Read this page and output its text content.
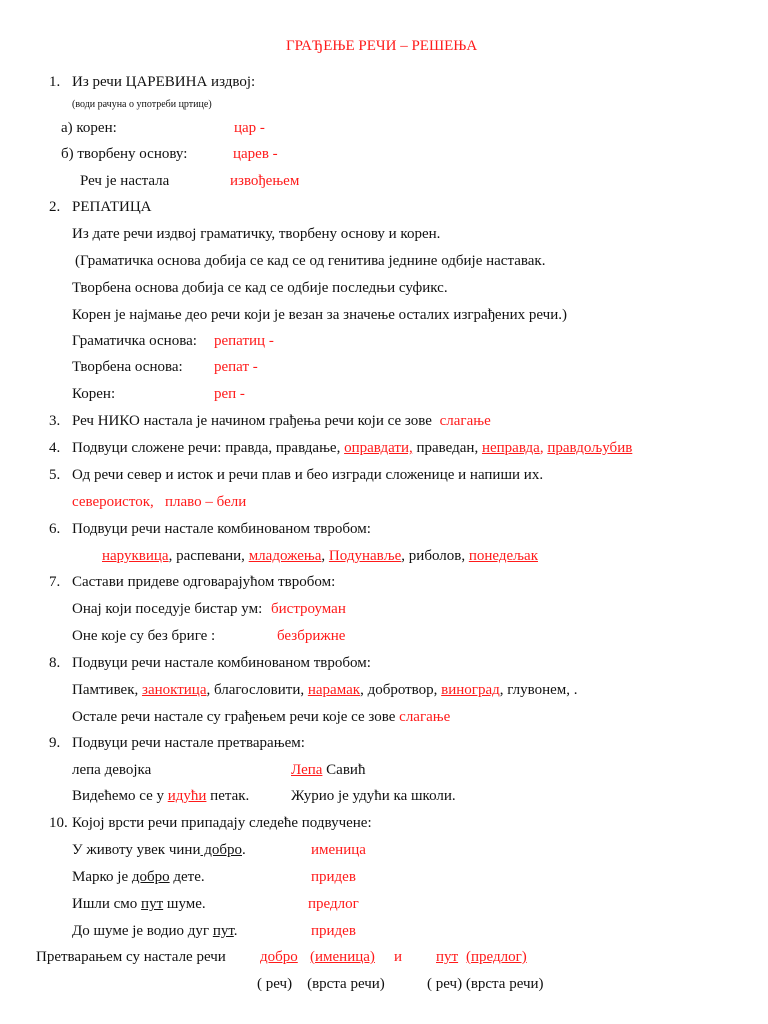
ГРАЂЕЊЕ РЕЧИ – РЕШЕЊА
1. Из речи ЦАРЕВИНА издвој:
(води рачуна о употреби цртице)
а) корен:	цар -
б) творбену основу:	царев -
Реч је настала	извођењем
2. РЕПАТИЦА
Из дате речи издвој граматичку, творбену основу и корен.
(Граматичка основа добија се кад се од генитива једнине одбије наставак.
Творбена основа добија се кад се одбије последњи суфикс.
Корен је најмање део речи који је везан за значење осталих изграђених речи.)
Граматичка основа: репатиц -
Творбена основа: репат -
Корен:	реп -
3. Реч НИКО настала је начином грађења речи који се зове слагање
4. Подвуци сложене речи: правда, правдање, оправдати, праведан, неправда, правдољубив
5. Од речи север и исток и речи плав и бео изгради сложенице и напиши их.
североисток,   плаво – бели
6. Подвуци речи настале комбинованом твробом:
наруквица, распевани, младожења, Подунавље, риболов, понедељак
7. Састави придеве одговарајућом твробом:
Онај који поседује бистар ум: бистроуман
Оне које су без бриге :	безбрижне
8. Подвуци речи настале комбинованом твробом:
Памтивек, заноктица, благословити, нарамак, добротвор, виноград, глувонем, .
Остале речи настале су грађењем речи које се зове слагање
9. Подвуци речи настале претварањем:
лепа девојка	Лепа Савић
Видећемо се у идући петак.	Журио је удући ка школи.
10. Којој врсти речи припадају следеће подвучене:
У животу увек чини добро.	именица
Марко је добро дете.	придев
Ишли смо пут шуме.	предлог
До шуме је водио дуг пут.	придев
Претварањем су настале речи добро (именица) и пут (предлог)
( реч)    (врста речи)	( реч) (врста речи)
